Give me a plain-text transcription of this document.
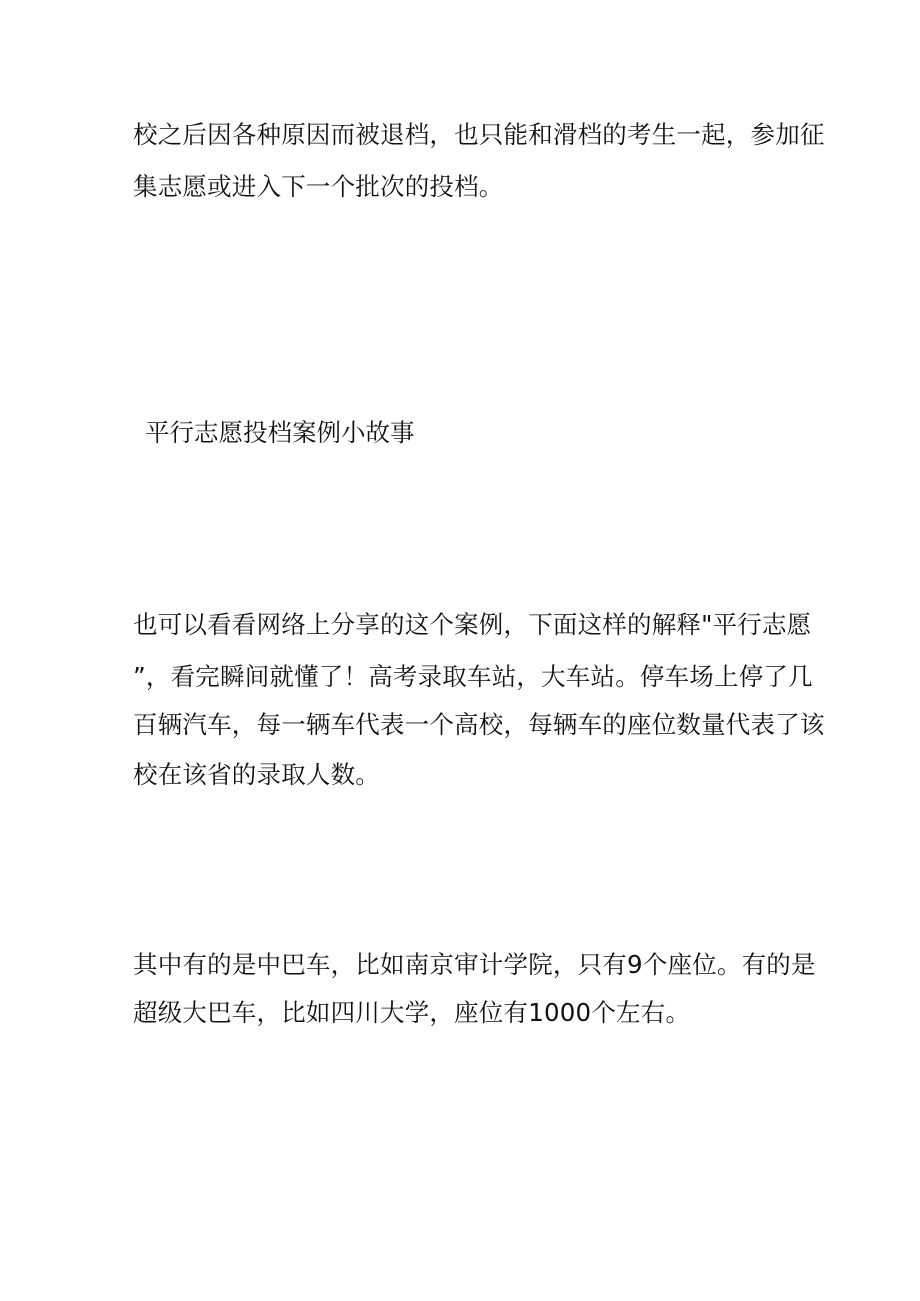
校之后因各种原因而被退档，也只能和滑档的考生一起，参加征
集志愿或进入下一个批次的投档。
平行志愿投档案例小故事
也可以看看网络上分享的这个案例，下面这样的解释"平行志愿
”，看完瞬间就懂了！高考录取车站，大车站。停车场上停了几
百辆汽车，每一辆车代表一个高校，每辆车的座位数量代表了该
校在该省的录取人数。
其中有的是中巴车，比如南京审计学院，只有9个座位。有的是
超级大巴车，比如四川大学，座位有1000个左右。
